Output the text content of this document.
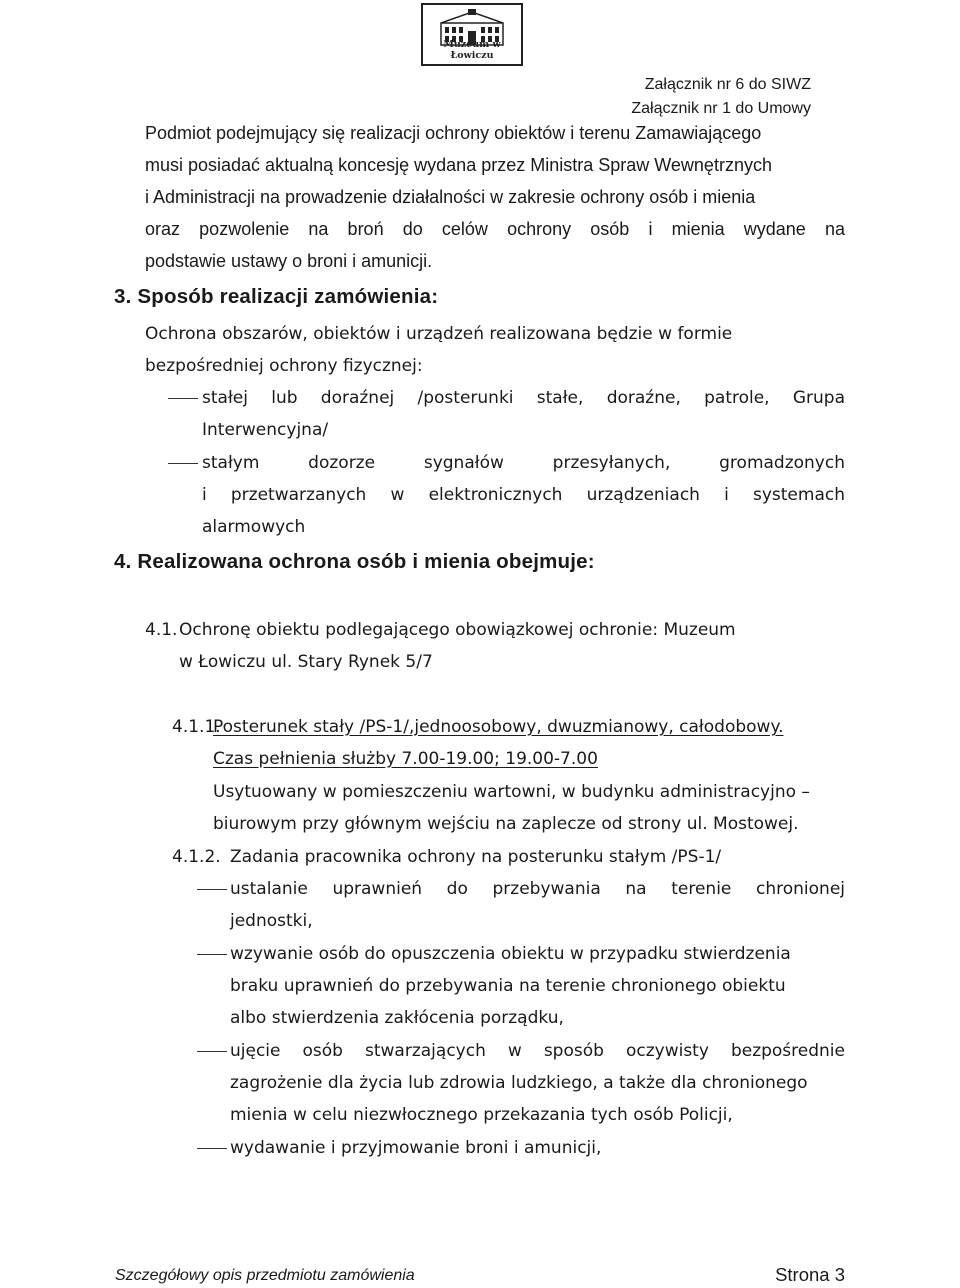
Muzeum w Łowiczu
Załącznik nr 6 do SIWZ
Załącznik nr 1 do Umowy
Podmiot podejmujący się realizacji ochrony obiektów i terenu Zamawiającego
musi posiadać aktualną koncesję wydana przez Ministra Spraw Wewnętrznych
i Administracji na prowadzenie działalności w zakresie ochrony osób i mienia
oraz pozwolenie na broń do celów ochrony osób i mienia wydane na
podstawie ustawy o broni i amunicji.
3. Sposób realizacji zamówienia:
Ochrona obszarów, obiektów i urządzeń realizowana będzie w formie
bezpośredniej ochrony fizycznej:
stałej lub doraźnej /posterunki stałe, doraźne, patrole, Grupa
Interwencyjna/
stałym dozorze sygnałów przesyłanych, gromadzonych
i przetwarzanych w elektronicznych urządzeniach i systemach
alarmowych
4. Realizowana ochrona osób i mienia obejmuje:
4.1. Ochronę obiektu podlegającego obowiązkowej ochronie: Muzeum
w Łowiczu ul. Stary Rynek 5/7
4.1.1.
Posterunek stały /PS-1/,jednoosobowy, dwuzmianowy, całodobowy.
Czas pełnienia służby 7.00-19.00; 19.00-7.00
Usytuowany w pomieszczeniu wartowni, w budynku administracyjno –
biurowym przy głównym wejściu na zaplecze od strony ul. Mostowej.
4.1.2. Zadania pracownika ochrony na posterunku stałym /PS-1/
ustalanie uprawnień do przebywania na terenie chronionej
jednostki,
wzywanie osób do opuszczenia obiektu w przypadku stwierdzenia
braku uprawnień do przebywania na terenie chronionego obiektu
albo stwierdzenia zakłócenia porządku,
ujęcie osób stwarzających w sposób oczywisty bezpośrednie
zagrożenie dla życia lub zdrowia ludzkiego, a także dla chronionego
mienia w celu niezwłocznego przekazania tych osób Policji,
wydawanie i przyjmowanie broni i amunicji,
Szczegółowy opis przedmiotu zamówienia	Strona 3
